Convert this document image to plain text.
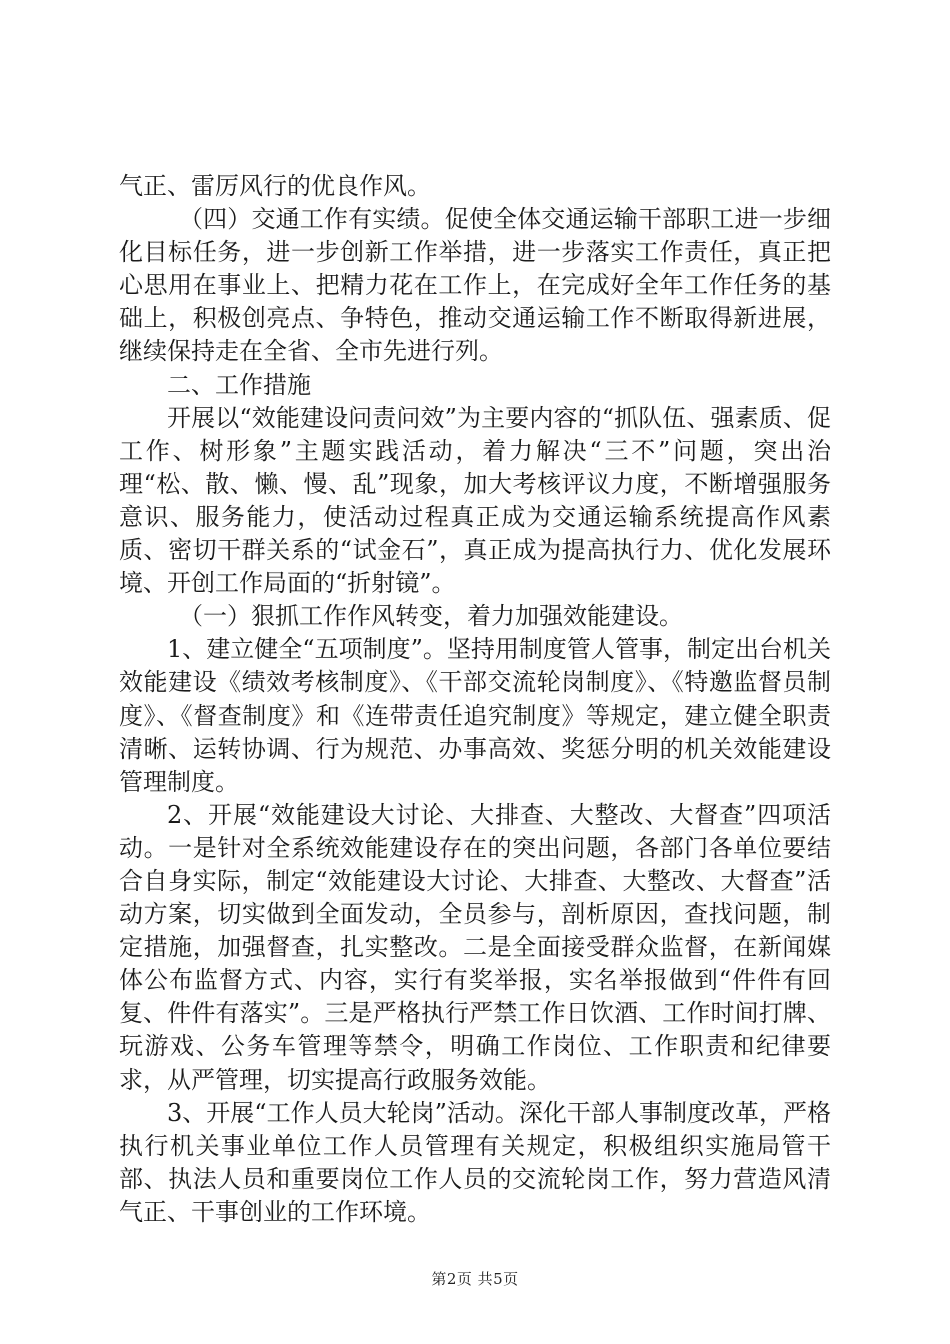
气正、雷厉风行的优良作风。

（四）交通工作有实绩。促使全体交通运输干部职工进一步细化目标任务，进一步创新工作举措，进一步落实工作责任，真正把心思用在事业上、把精力花在工作上，在完成好全年工作任务的基础上，积极创亮点、争特色，推动交通运输工作不断取得新进展，继续保持走在全省、全市先进行列。

二、工作措施

开展以“效能建设问责问效”为主要内容的“抓队伍、强素质、促工作、树形象”主题实践活动，着力解决“三不”问题，突出治理“松、散、懒、慢、乱”现象，加大考核评议力度，不断增强服务意识、服务能力，使活动过程真正成为交通运输系统提高作风素质、密切干群关系的“试金石”，真正成为提高执行力、优化发展环境、开创工作局面的“折射镜”。

（一）狠抓工作作风转变，着力加强效能建设。

1、建立健全“五项制度”。坚持用制度管人管事，制定出台机关效能建设《绩效考核制度》、《干部交流轮岗制度》、《特邀监督员制度》、《督查制度》和《连带责任追究制度》等规定，建立健全职责清晰、运转协调、行为规范、办事高效、奖惩分明的机关效能建设管理制度。

2、开展“效能建设大讨论、大排查、大整改、大督查”四项活动。一是针对全系统效能建设存在的突出问题，各部门各单位要结合自身实际，制定“效能建设大讨论、大排查、大整改、大督查”活动方案，切实做到全面发动，全员参与，剖析原因，查找问题，制定措施，加强督查，扎实整改。二是全面接受群众监督，在新闻媒体公布监督方式、内容，实行有奖举报，实名举报做到“件件有回复、件件有落实”。三是严格执行严禁工作日饮酒、工作时间打牌、玩游戏、公务车管理等禁令，明确工作岗位、工作职责和纪律要求，从严管理，切实提高行政服务效能。

3、开展“工作人员大轮岗”活动。深化干部人事制度改革，严格执行机关事业单位工作人员管理有关规定，积极组织实施局管干部、执法人员和重要岗位工作人员的交流轮岗工作，努力营造风清气正、干事创业的工作环境。

第2页 共5页
